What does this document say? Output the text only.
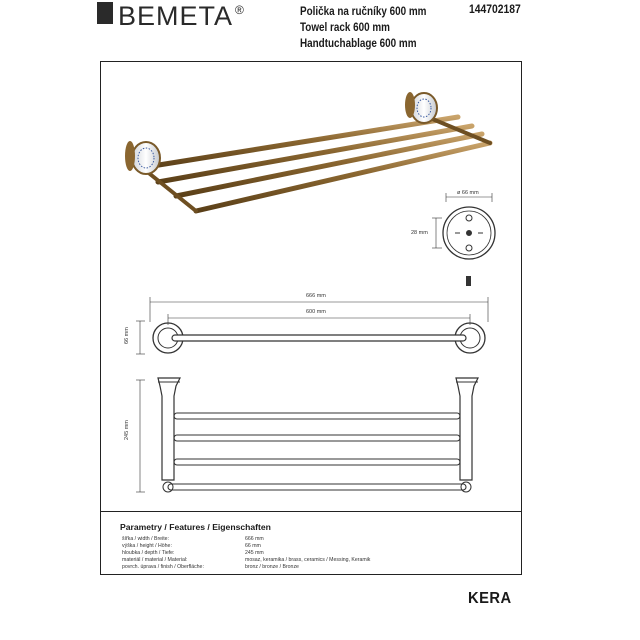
BEMETA ®	Polička na ručníky 600 mm
Towel rack 600 mm
Handtuchablage 600 mm
144702187
ø 66 mm
28 mm
666 mm
600 mm
66 mm
245 mm
Parametry / Features / Eigenschaften
šířka / width / Breite:	666 mm
výška / height / Höhe:	66 mm
hloubka / depth / Tiefe:	245 mm
materiál / material / Material:	mosaz, keramika / brass, ceramics / Messing, Keramik
povrch. úprava / finish / Oberfläche:	bronz / bronze / Bronze
KERA
